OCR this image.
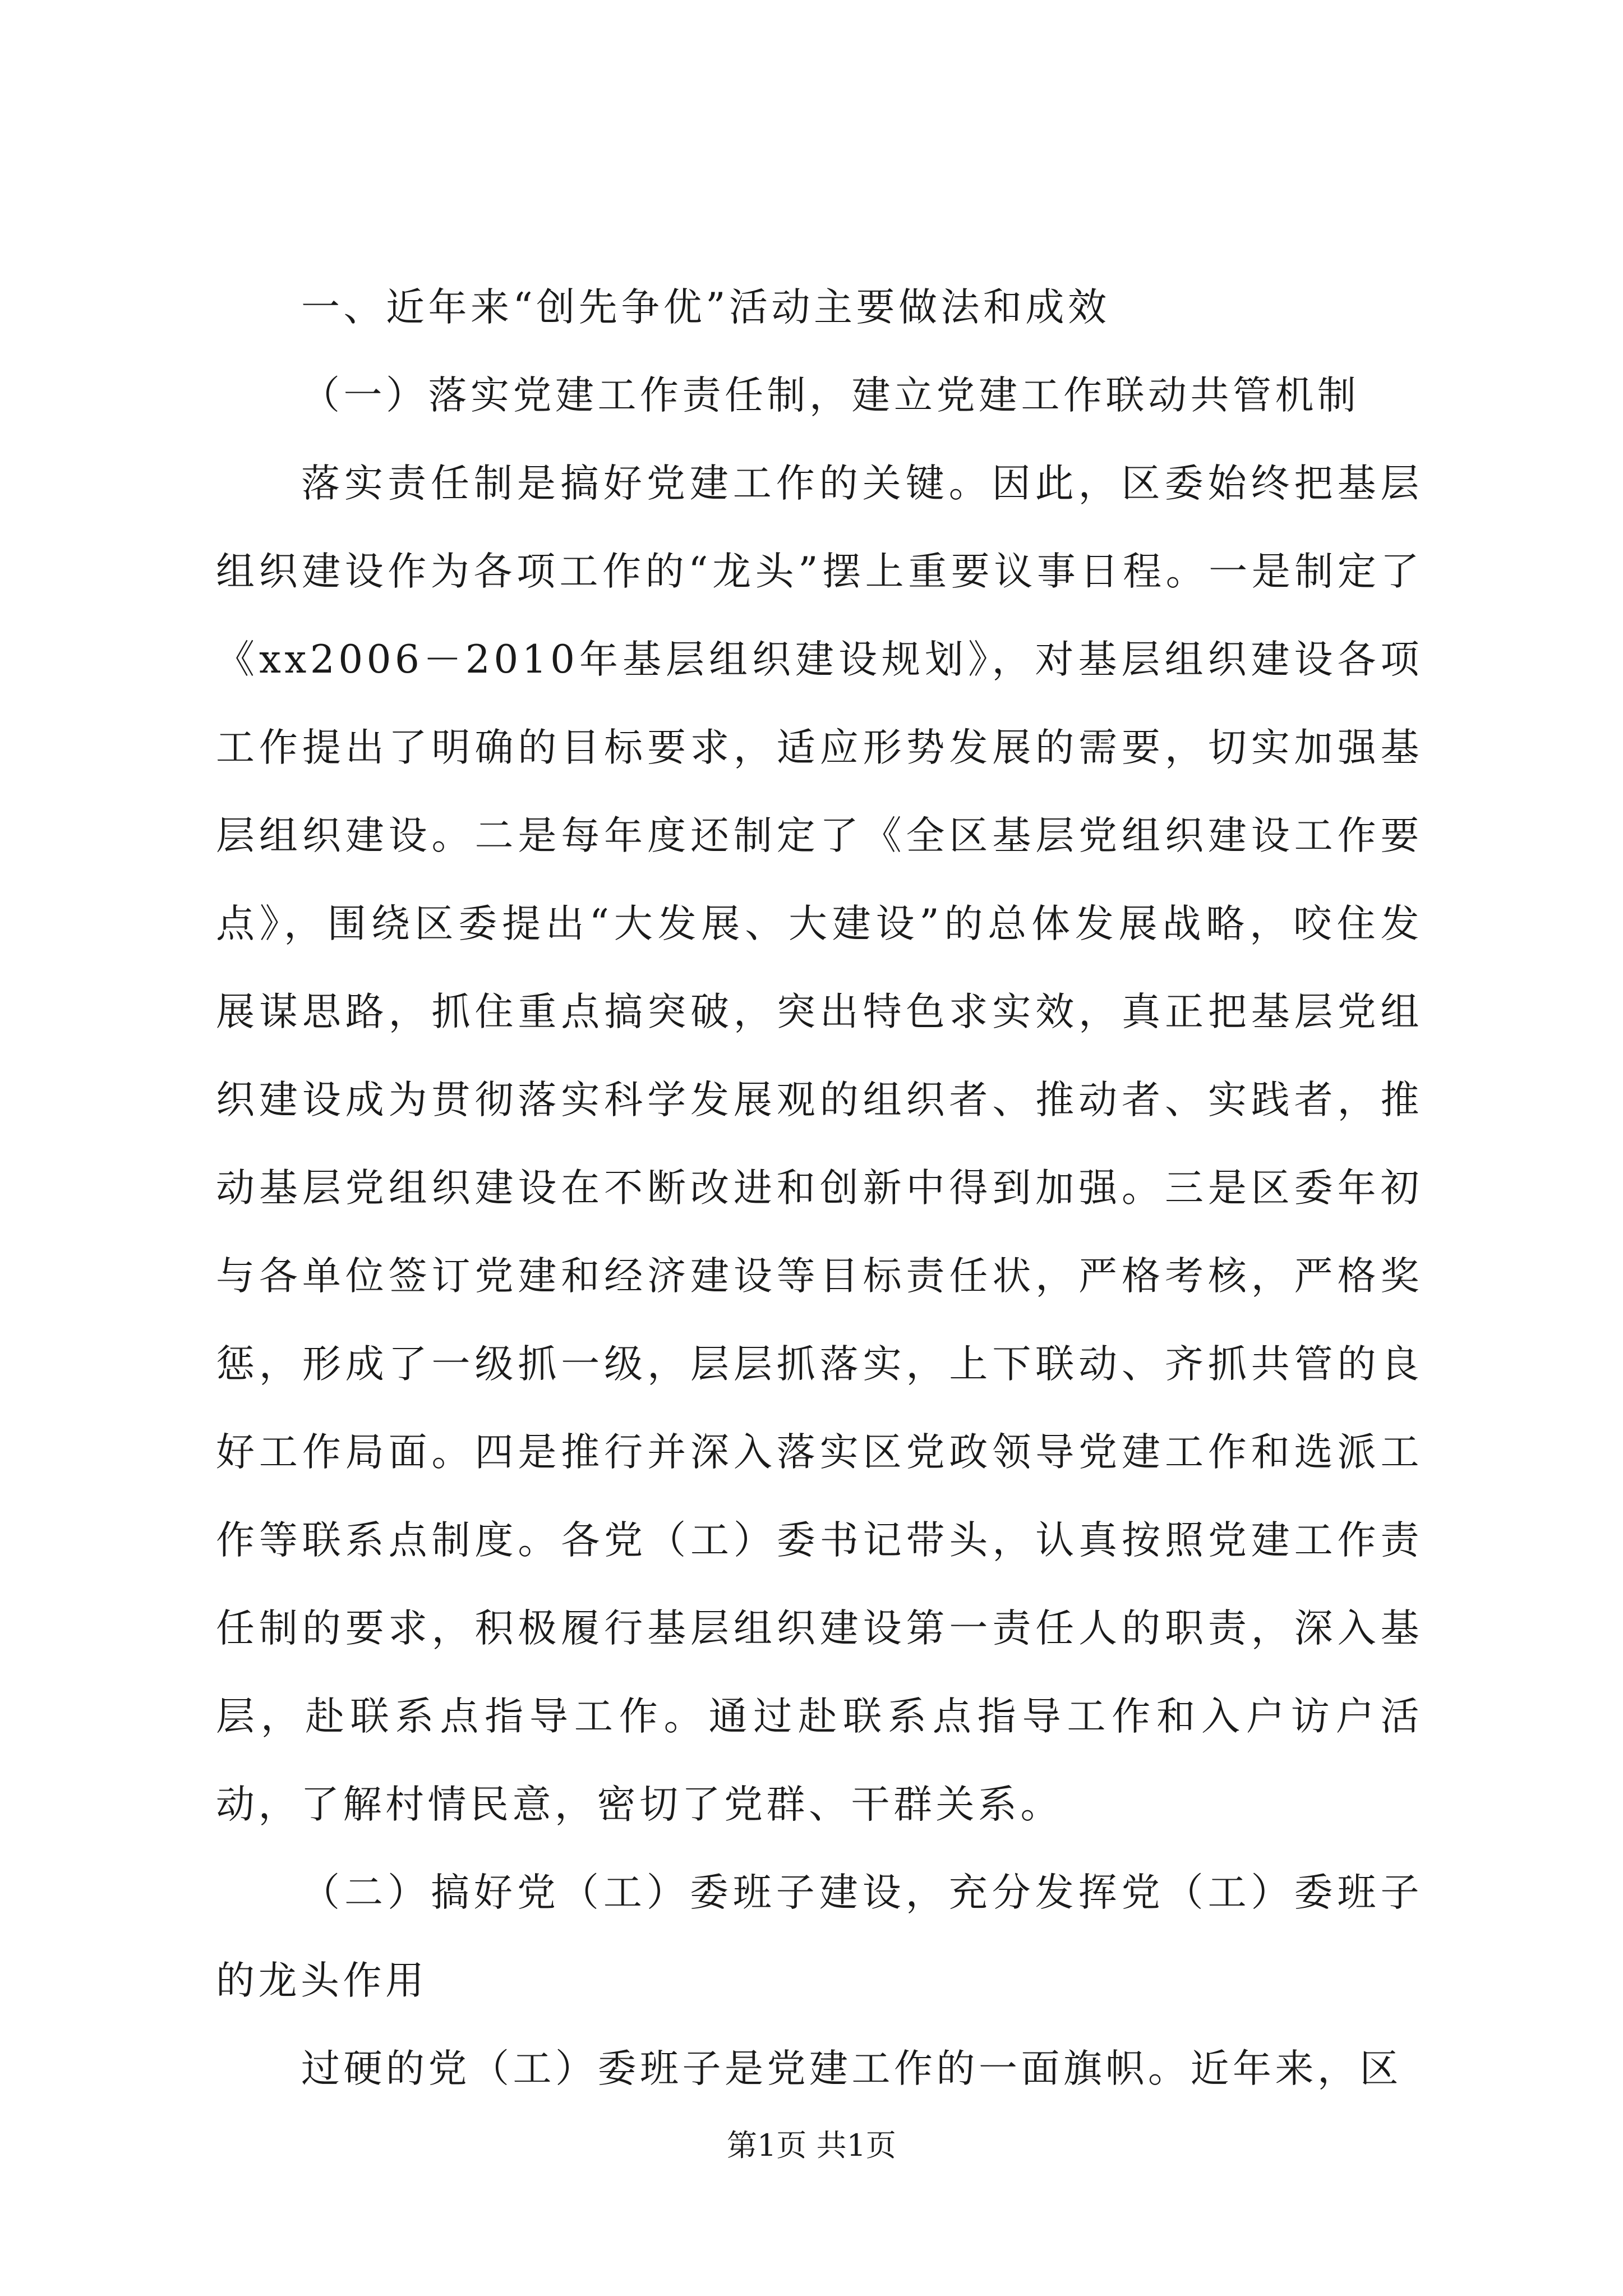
一、近年来“创先争优”活动主要做法和成效

（一）落实党建工作责任制，建立党建工作联动共管机制

落实责任制是搞好党建工作的关键。因此，区委始终把基层组织建设作为各项工作的“龙头”摆上重要议事日程。一是制定了《xx2006－2010年基层组织建设规划》，对基层组织建设各项工作提出了明确的目标要求，适应形势发展的需要，切实加强基层组织建设。二是每年度还制定了《全区基层党组织建设工作要点》，围绕区委提出“大发展、大建设”的总体发展战略，咬住发展谋思路，抓住重点搞突破，突出特色求实效，真正把基层党组织建设成为贯彻落实科学发展观的组织者、推动者、实践者，推动基层党组织建设在不断改进和创新中得到加强。三是区委年初与各单位签订党建和经济建设等目标责任状，严格考核，严格奖惩，形成了一级抓一级，层层抓落实，上下联动、齐抓共管的良好工作局面。四是推行并深入落实区党政领导党建工作和选派工作等联系点制度。各党（工）委书记带头，认真按照党建工作责任制的要求，积极履行基层组织建设第一责任人的职责，深入基层，赴联系点指导工作。通过赴联系点指导工作和入户访户活动，了解村情民意，密切了党群、干群关系。

（二）搞好党（工）委班子建设，充分发挥党（工）委班子的龙头作用

过硬的党（工）委班子是党建工作的一面旗帜。近年来，区

第1页 共1页
